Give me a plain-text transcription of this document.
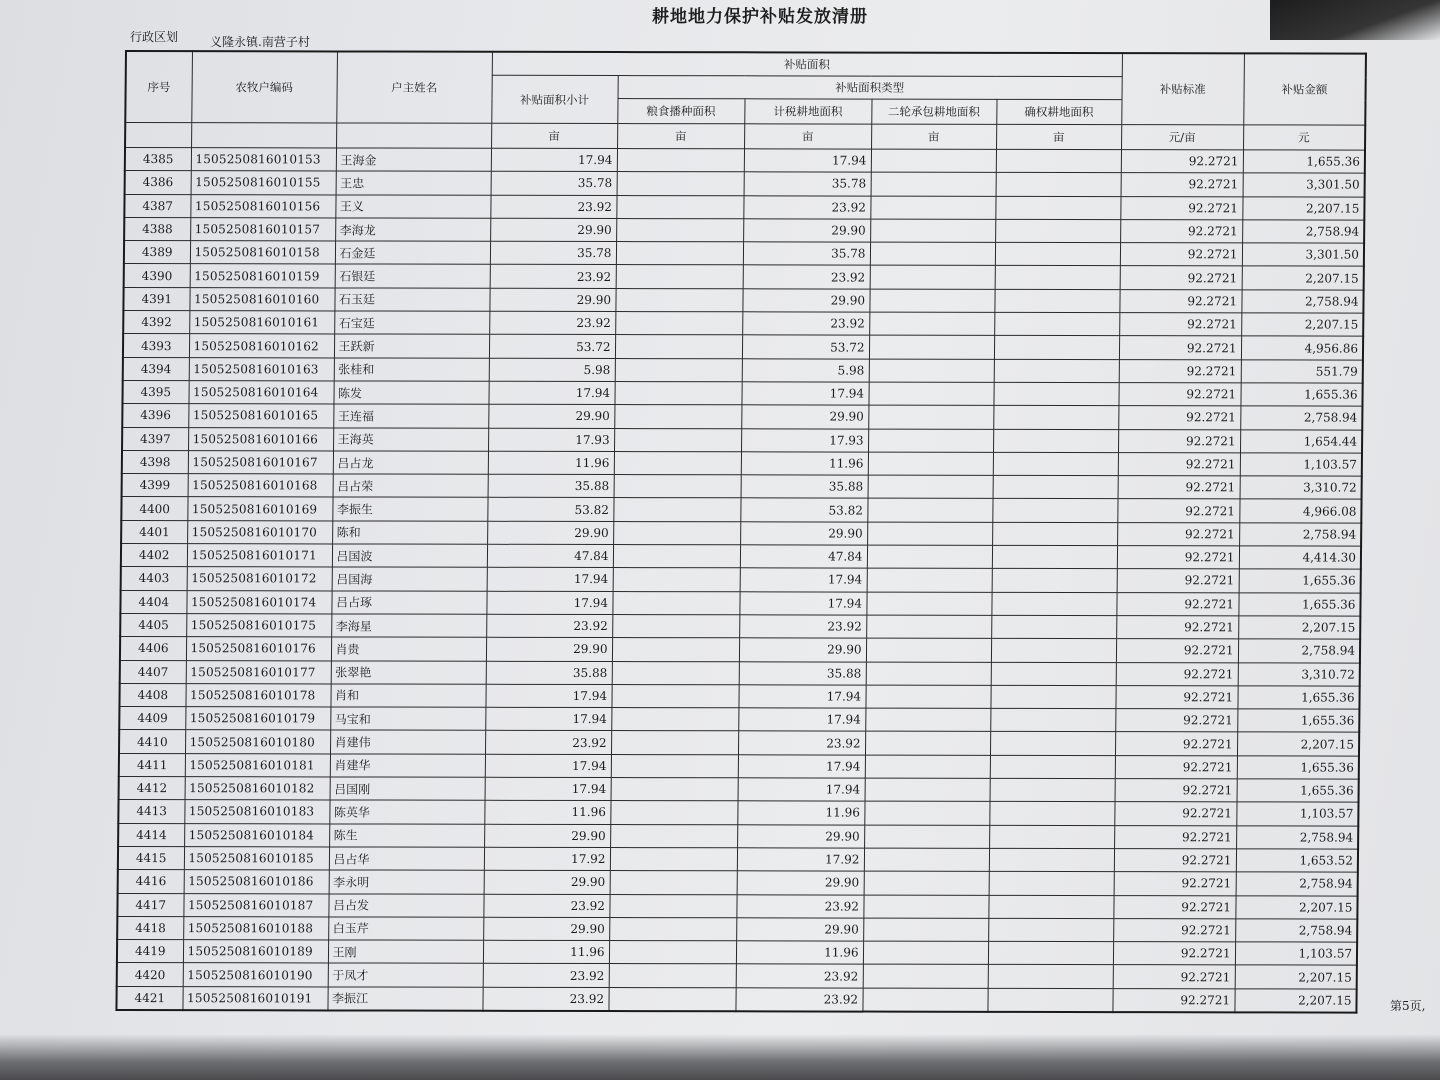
耕地地力保护补贴发放清册
行政区划	义隆永镇.南营子村
序号	农牧户编码	户主姓名	补贴面积					补贴标准	补贴金额
			补贴面积小计	补贴面积类型					
				粮食播种面积	计税耕地面积	二轮承包耕地面积	确权耕地面积		
			亩	亩	亩	亩	亩	元/亩	元
4385	1505250816010153	王海金	17.94		17.94			92.2721	1,655.36
4386	1505250816010155	王忠	35.78		35.78			92.2721	3,301.50
4387	1505250816010156	王义	23.92		23.92			92.2721	2,207.15
4388	1505250816010157	李海龙	29.90		29.90			92.2721	2,758.94
4389	1505250816010158	石金廷	35.78		35.78			92.2721	3,301.50
4390	1505250816010159	石银廷	23.92		23.92			92.2721	2,207.15
4391	1505250816010160	石玉廷	29.90		29.90			92.2721	2,758.94
4392	1505250816010161	石宝廷	23.92		23.92			92.2721	2,207.15
4393	1505250816010162	王跃新	53.72		53.72			92.2721	4,956.86
4394	1505250816010163	张桂和	5.98		5.98			92.2721	551.79
4395	1505250816010164	陈发	17.94		17.94			92.2721	1,655.36
4396	1505250816010165	王连福	29.90		29.90			92.2721	2,758.94
4397	1505250816010166	王海英	17.93		17.93			92.2721	1,654.44
4398	1505250816010167	吕占龙	11.96		11.96			92.2721	1,103.57
4399	1505250816010168	吕占荣	35.88		35.88			92.2721	3,310.72
4400	1505250816010169	李振生	53.82		53.82			92.2721	4,966.08
4401	1505250816010170	陈和	29.90		29.90			92.2721	2,758.94
4402	1505250816010171	吕国波	47.84		47.84			92.2721	4,414.30
4403	1505250816010172	吕国海	17.94		17.94			92.2721	1,655.36
4404	1505250816010174	吕占琢	17.94		17.94			92.2721	1,655.36
4405	1505250816010175	李海星	23.92		23.92			92.2721	2,207.15
4406	1505250816010176	肖贵	29.90		29.90			92.2721	2,758.94
4407	1505250816010177	张翠艳	35.88		35.88			92.2721	3,310.72
4408	1505250816010178	肖和	17.94		17.94			92.2721	1,655.36
4409	1505250816010179	马宝和	17.94		17.94			92.2721	1,655.36
4410	1505250816010180	肖建伟	23.92		23.92			92.2721	2,207.15
4411	1505250816010181	肖建华	17.94		17.94			92.2721	1,655.36
4412	1505250816010182	吕国刚	17.94		17.94			92.2721	1,655.36
4413	1505250816010183	陈英华	11.96		11.96			92.2721	1,103.57
4414	1505250816010184	陈生	29.90		29.90			92.2721	2,758.94
4415	1505250816010185	吕占华	17.92		17.92			92.2721	1,653.52
4416	1505250816010186	李永明	29.90		29.90			92.2721	2,758.94
4417	1505250816010187	吕占发	23.92		23.92			92.2721	2,207.15
4418	1505250816010188	白玉芹	29.90		29.90			92.2721	2,758.94
4419	1505250816010189	王刚	11.96		11.96			92.2721	1,103.57
4420	1505250816010190	于凤才	23.92		23.92			92.2721	2,207.15
4421	1505250816010191	李振江	23.92		23.92			92.2721	2,207.15	第5页,
